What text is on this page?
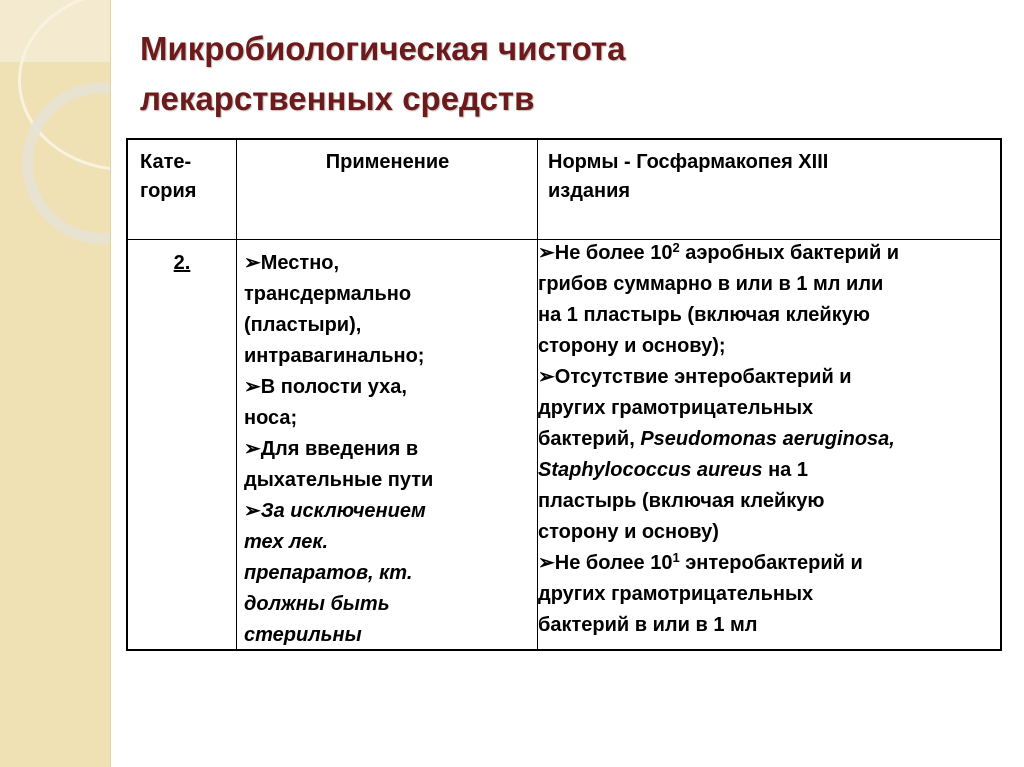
Микробиологическая чистота
лекарственных средств
Кате-
гория
Применение	Нормы - Госфармакопея XIII
издания
2.	➢Местно,
трансдермально
(пластыри),
интравагинально;
➢В полости уха,
носа;
➢Для введения в
дыхательные пути
➢За исключением
тех лек.
препаратов, кт.
должны быть
стерильны
➢Не более $10^2$ аэробных бактерий и
грибов суммарно в или в 1 мл или
на 1 пластырь (включая клейкую
сторону и основу);
➢Отсутствие энтеробактерий и
других грамотрицательных
бактерий, Pseudomonas aeruginosa,
Staphylococcus aureus на 1
пластырь (включая клейкую
сторону и основу)
➢Не более $10^1$ энтеробактерий и
других грамотрицательных
бактерий в или в 1 мл
